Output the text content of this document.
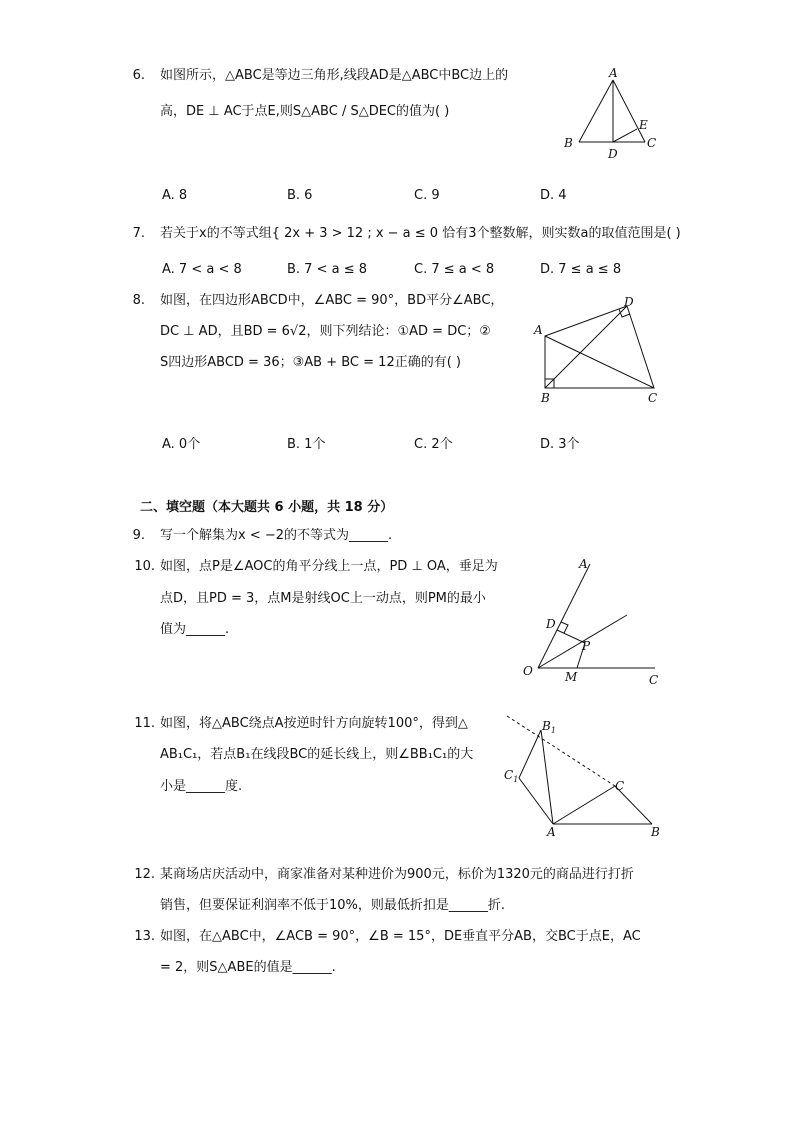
6. 如图所示，△ABC是等边三角形,线段AD是△ABC中BC边上的
高，DE ⊥ AC于点E,则S△ABC / S△DEC的值为( )
A. 8	B. 6	C. 9	D. 4
A
B	C
D
E
7. 若关于x的不等式组{ 2x + 3 > 12 ; x − a ≤ 0 恰有3个整数解，则实数a的取值范围是( )
A. 7 < a < 8	B. 7 < a ≤ 8	C. 7 ≤ a < 8	D. 7 ≤ a ≤ 8
8. 如图，在四边形ABCD中，∠ABC = 90°，BD平分∠ABC，
DC ⊥ AD，且BD = 6√2，则下列结论：①AD = DC；②
S四边形ABCD = 36；③AB + BC = 12正确的有( )
A. 0个	B. 1个	C. 2个	D. 3个
A
B	C
D
二、填空题（本大题共 6 小题，共 18 分）
9. 写一个解集为x < −2的不等式为______.
10. 如图，点P是∠AOC的角平分线上一点，PD ⊥ OA，垂足为
点D，且PD = 3，点M是射线OC上一动点，则PM的最小
值为______.
A
D
P
O	M	C
11. 如图，将△ABC绕点A按逆时针方向旋转100°，得到△
AB₁C₁，若点B₁在线段BC的延长线上，则∠BB₁C₁的大
小是______度.
$B_1$
$C_1$	C
A	B
12. 某商场店庆活动中，商家准备对某种进价为900元，标价为1320元的商品进行打折
销售，但要保证利润率不低于10%，则最低折扣是______折.
13. 如图，在△ABC中，∠ACB = 90°，∠B = 15°，DE垂直平分AB，交BC于点E，AC
= 2，则S△ABE的值是______.
